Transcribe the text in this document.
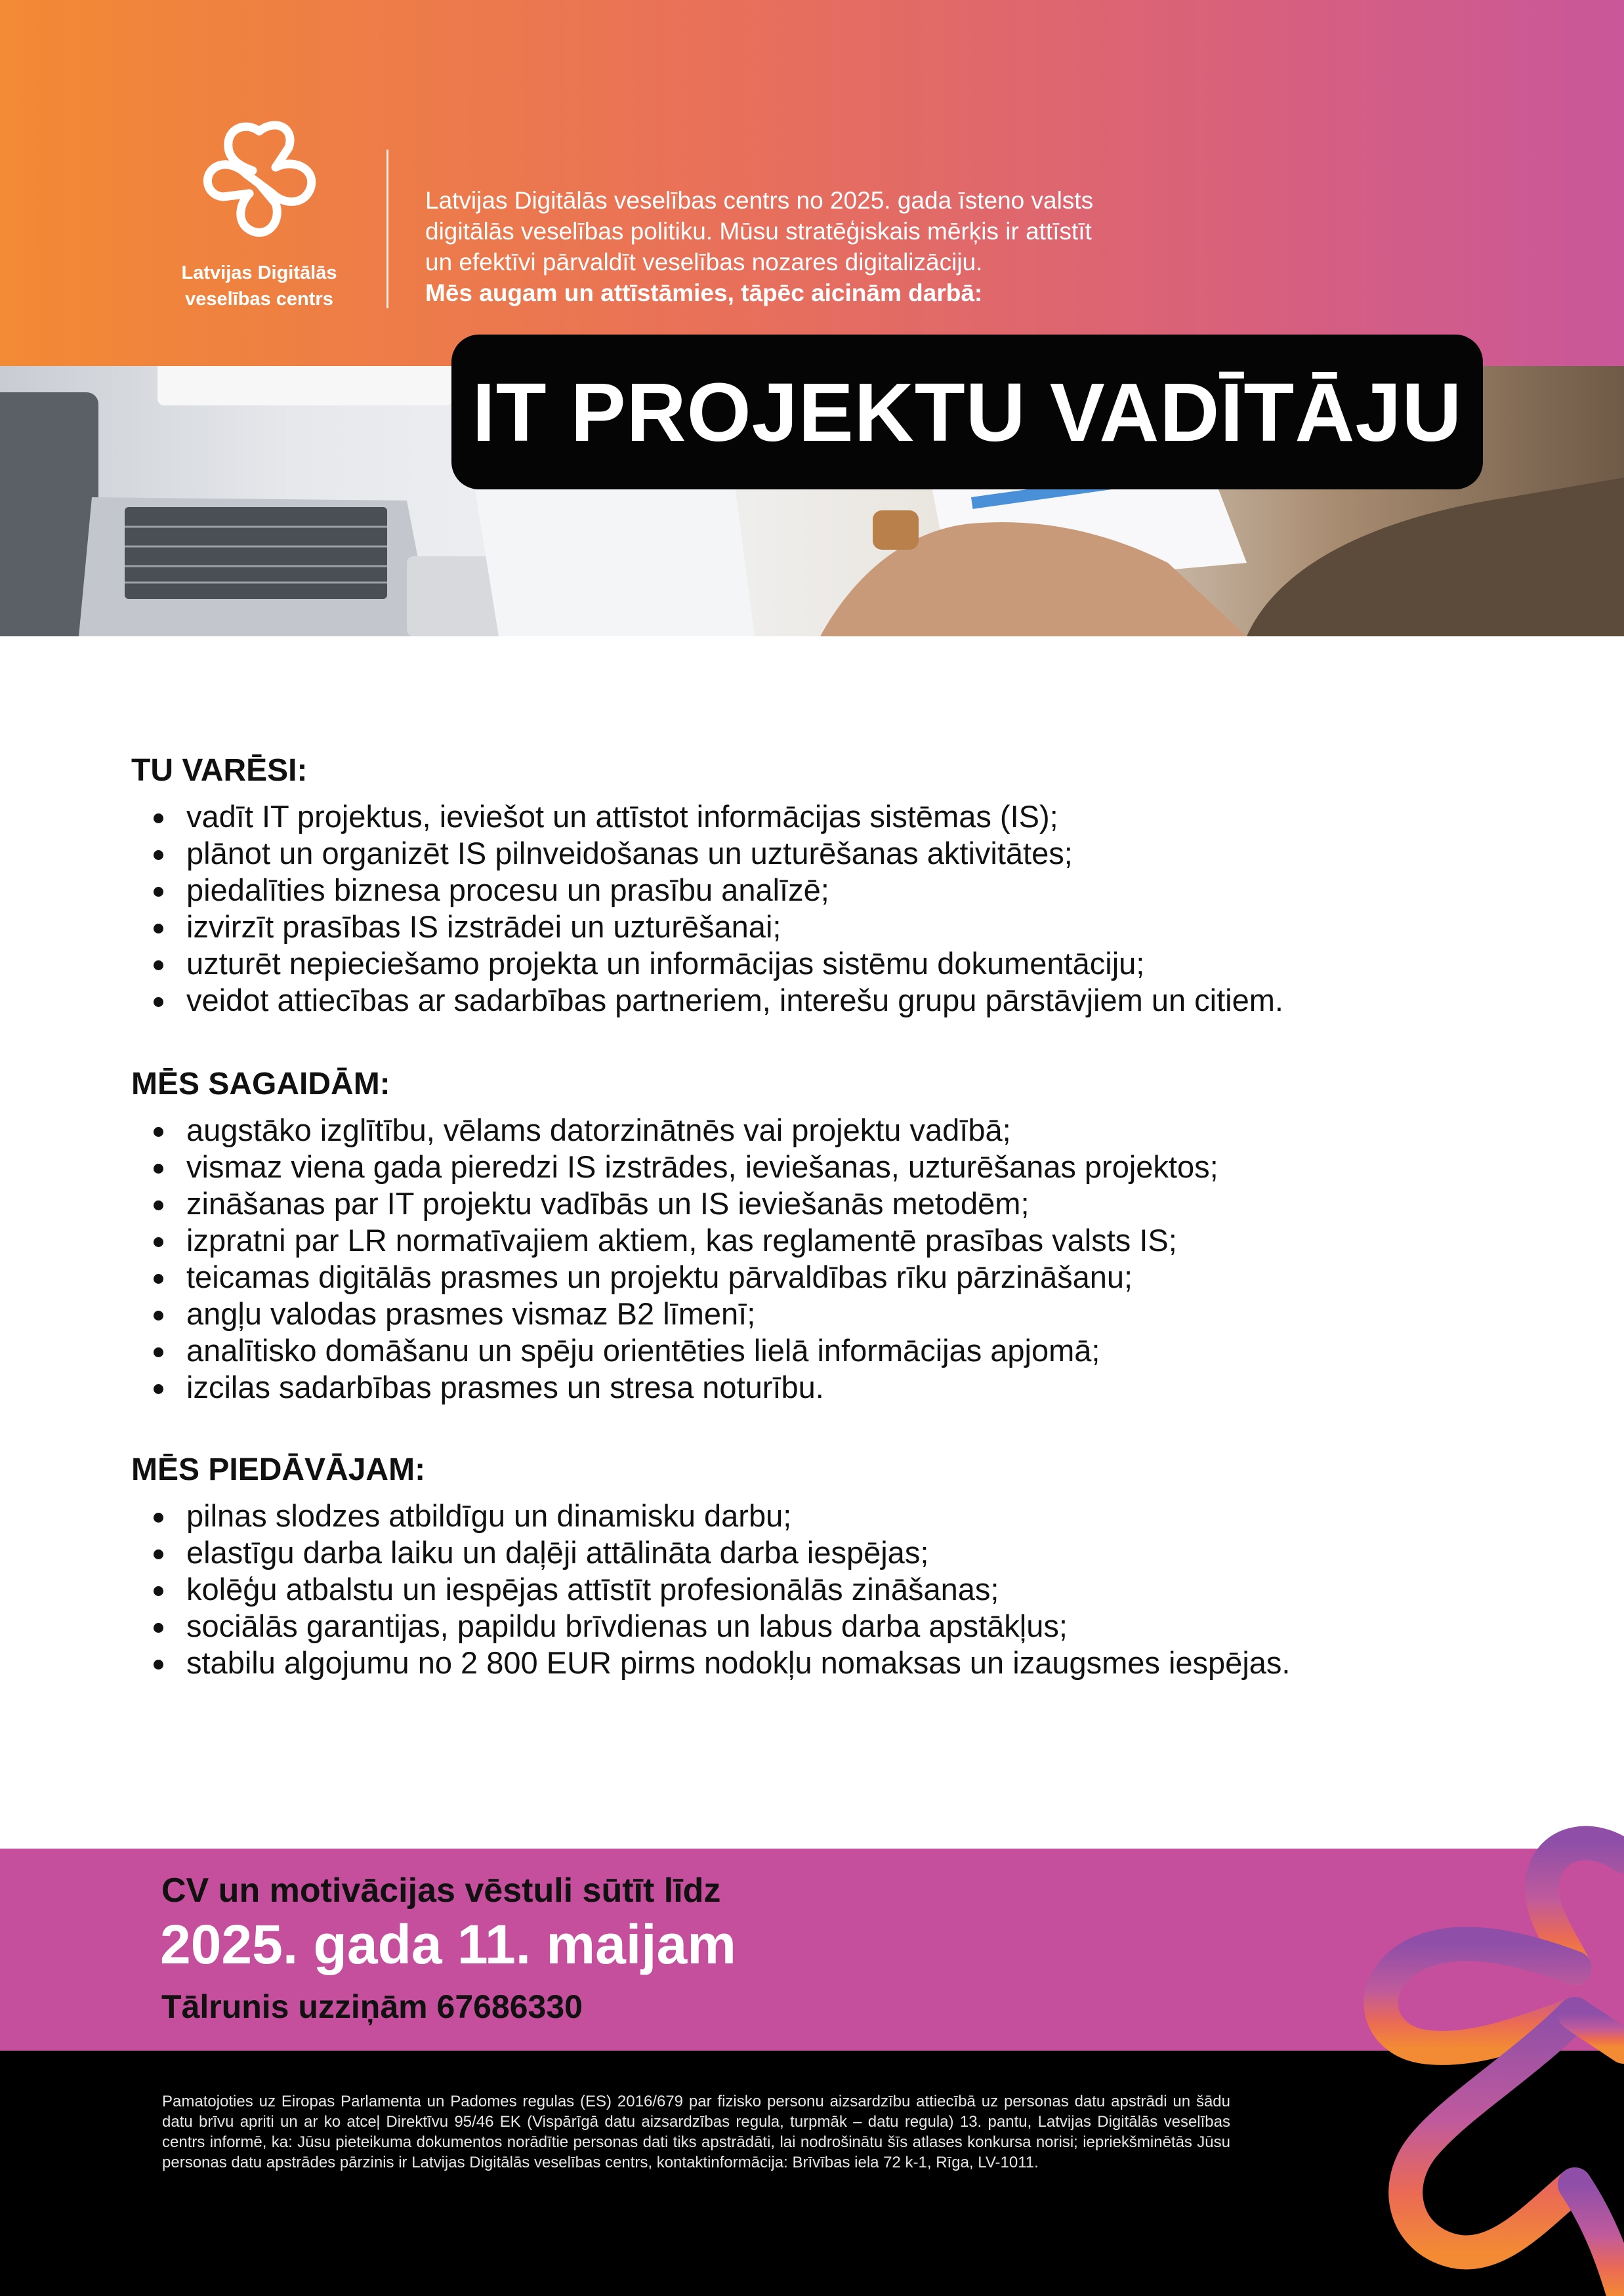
Latvijas Digitālās
veselības centrs
Latvijas Digitālās veselības centrs no 2025. gada īsteno valsts
digitālās veselības politiku. Mūsu stratēģiskais mērķis ir attīstīt
un efektīvi pārvaldīt veselības nozares digitalizāciju.
Mēs augam un attīstāmies, tāpēc aicinām darbā:
IT PROJEKTU VADĪTĀJU
TU VARĒSI:
vadīt IT projektus, ieviešot un attīstot informācijas sistēmas (IS);
plānot un organizēt IS pilnveidošanas un uzturēšanas aktivitātes;
piedalīties biznesa procesu un prasību analīzē;
izvirzīt prasības IS izstrādei un uzturēšanai;
uzturēt nepieciešamo projekta un informācijas sistēmu dokumentāciju;
veidot attiecības ar sadarbības partneriem, interešu grupu pārstāvjiem un citiem.
MĒS SAGAIDĀM:
augstāko izglītību, vēlams datorzinātnēs vai projektu vadībā;
vismaz viena gada pieredzi IS izstrādes, ieviešanas, uzturēšanas projektos;
zināšanas par IT projektu vadībās un IS ieviešanās metodēm;
izpratni par LR normatīvajiem aktiem, kas reglamentē prasības valsts IS;
teicamas digitālās prasmes un projektu pārvaldības rīku pārzināšanu;
angļu valodas prasmes vismaz B2 līmenī;
analītisko domāšanu un spēju orientēties lielā informācijas apjomā;
izcilas sadarbības prasmes un stresa noturību.
MĒS PIEDĀVĀJAM:
pilnas slodzes atbildīgu un dinamisku darbu;
elastīgu darba laiku un daļēji attālināta darba iespējas;
kolēģu atbalstu un iespējas attīstīt profesionālās zināšanas;
sociālās garantijas, papildu brīvdienas un labus darba apstākļus;
stabilu algojumu no 2 800 EUR pirms nodokļu nomaksas un izaugsmes iespējas.
CV un motivācijas vēstuli sūtīt līdz
2025. gada 11. maijam
Tālrunis uzziņām 67686330
Pamatojoties uz Eiropas Parlamenta un Padomes regulas (ES) 2016/679 par fizisko personu aizsardzību attiecībā uz personas datu apstrādi un šādu datu brīvu apriti un ar ko atceļ Direktīvu 95/46 EK (Vispārīgā datu aizsardzības regula, turpmāk – datu regula) 13. pantu, Latvijas Digitālās veselības centrs informē, ka: Jūsu pieteikuma dokumentos norādītie personas dati tiks apstrādāti, lai nodrošinātu šīs atlases konkursa norisi; iepriekšminētās Jūsu personas datu apstrādes pārzinis ir Latvijas Digitālās veselības centrs, kontaktinformācija: Brīvības iela 72 k-1, Rīga, LV-1011.
